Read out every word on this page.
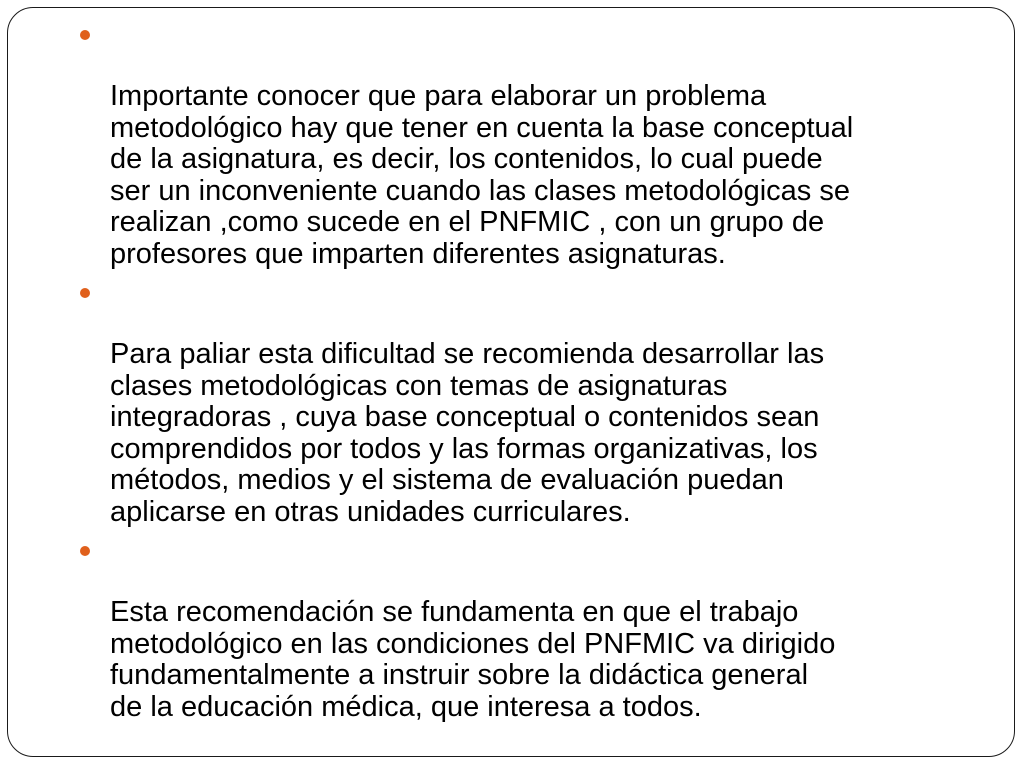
Importante conocer que para elaborar un problema
metodológico hay que tener en cuenta la base conceptual
de la asignatura, es decir, los contenidos, lo cual puede
ser un inconveniente cuando las clases metodológicas se
realizan ,como sucede en el PNFMIC , con un grupo de
profesores que imparten diferentes asignaturas.

Para paliar esta dificultad se recomienda desarrollar las
clases metodológicas con temas de asignaturas
integradoras , cuya base conceptual o contenidos sean
comprendidos por todos y las formas organizativas, los
métodos, medios y el sistema de evaluación puedan
aplicarse en otras unidades curriculares.

Esta recomendación se fundamenta en que el trabajo
metodológico en las condiciones del PNFMIC va dirigido
fundamentalmente a instruir sobre la didáctica general
de la educación médica, que interesa a todos.
